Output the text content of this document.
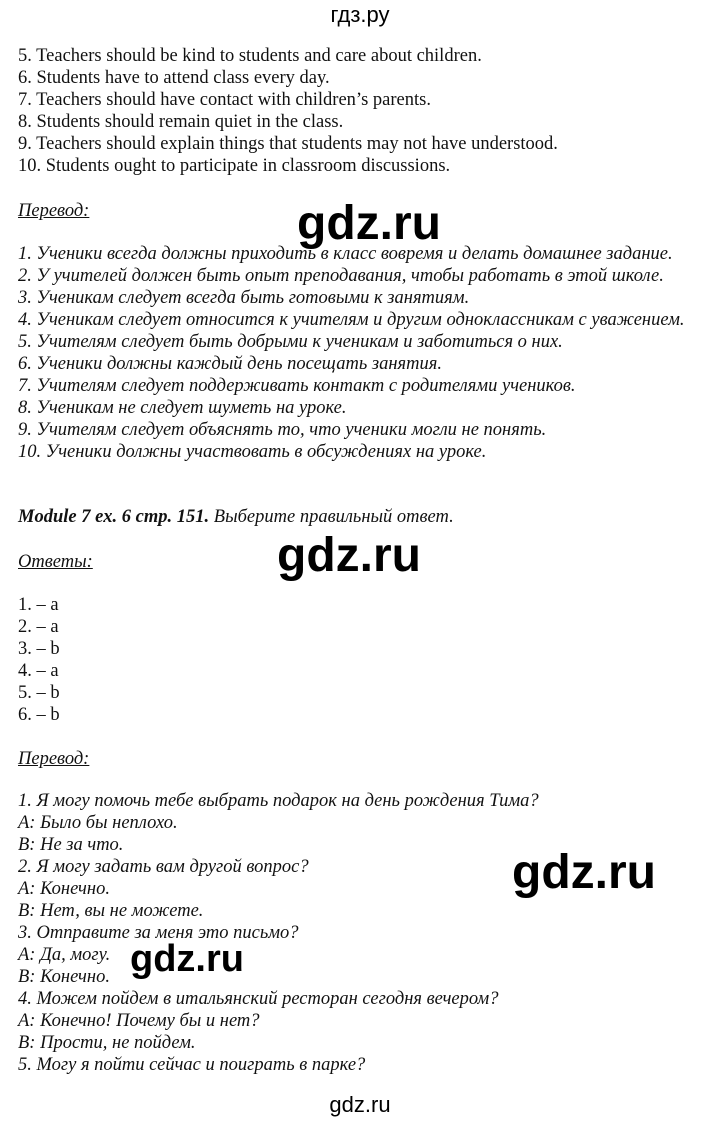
гдз.ру
5. Teachers should be kind to students and care about children.
6. Students have to attend class every day.
7. Teachers should have contact with children’s parents.
8. Students should remain quiet in the class.
9. Teachers should explain things that students may not have understood.
10. Students ought to participate in classroom discussions.
Перевод:	gdz.ru
1. Ученики всегда должны приходить в класс вовремя и делать домашнее задание.
2. У учителей должен быть опыт преподавания, чтобы работать в этой школе.
3. Ученикам следует всегда быть готовыми к занятиям.
4. Ученикам следует относится к учителям и другим одноклассникам с уважением.
5. Учителям следует быть добрыми к ученикам и заботиться о них.
6. Ученики должны каждый день посещать занятия.
7. Учителям следует поддерживать контакт с родителями учеников.
8. Ученикам не следует шуметь на уроке.
9. Учителям следует объяснять то, что ученики могли не понять.
10. Ученики должны участвовать в обсуждениях на уроке.
Module 7 ex. 6 стр. 151. Выберите правильный ответ.
Ответы:	gdz.ru
1. – a
2. – a
3. – b
4. – a
5. – b
6. – b
Перевод:
1. Я могу помочь тебе выбрать подарок на день рождения Тима?
А: Было бы неплохо.
В: Не за что.
2. Я могу задать вам другой вопрос?
А: Конечно.
В: Нет, вы не можете.
3. Отправите за меня это письмо?
А: Да, могу.
В: Конечно.
4. Можем пойдем в итальянский ресторан сегодня вечером?
А: Конечно! Почему бы и нет?
В: Прости, не пойдем.
5. Могу я пойти сейчас и поиграть в парке?
gdz.ru
gdz.ru
gdz.ru
